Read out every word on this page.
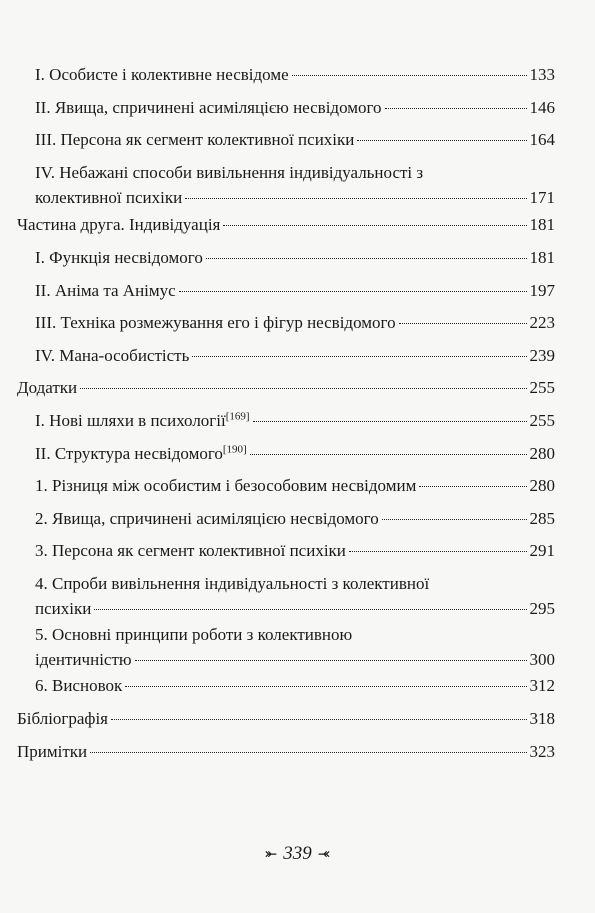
I. Особисте і колективне несвідоме	133
II. Явища, спричинені асиміляцією несвідомого	146
III. Персона як сегмент колективної психіки	164
IV. Небажані способи вивільнення індивідуальності з
колективної психіки	171
Частина друга. Індивідуація	181
I. Функція несвідомого	181
II. Аніма та Анімус	197
III. Техніка розмежування его і фігур несвідомого	223
IV. Мана-особистість	239
Додатки	255
I. Нові шляхи в психології[169]	255
II. Структура несвідомого[190]	280
1. Різниця між особистим і безособовим несвідомим	280
2. Явища, спричинені асиміляцією несвідомого	285
3. Персона як сегмент колективної психіки	291
4. Спроби вивільнення індивідуальності з колективної
психіки	295
5. Основні принципи роботи з колективною
ідентичністю	300
6. Висновок	312
Бібліографія	318
Примітки	323
⤜ 339 ⤛
